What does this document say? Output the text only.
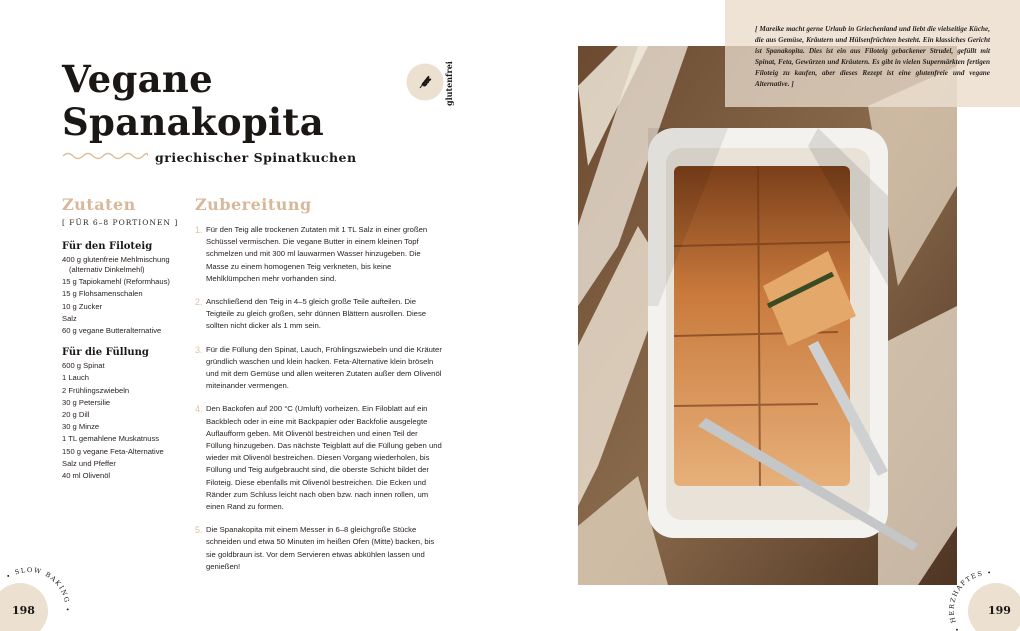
Vegane
Spanakopita
griechischer Spinatkuchen
glutenfrei
Zutaten
[ FÜR 6–8 PORTIONEN ]
Für den Filoteig
400 g glutenfreie Mehlmischung
(alternativ Dinkelmehl)
15 g Tapiokamehl (Reformhaus)
15 g Flohsamenschalen
10 g Zucker
Salz
60 g vegane Butteralternative
Für die Füllung
600 g Spinat
1 Lauch
2 Frühlingszwiebeln
30 g Petersilie
20 g Dill
30 g Minze
1 TL gemahlene Muskatnuss
150 g vegane Feta-Alternative
Salz und Pfeffer
40 ml Olivenöl
Zubereitung
1. Für den Teig alle trockenen Zutaten mit 1 TL Salz in einer großen Schüssel vermischen. Die vegane Butter in einem kleinen Topf schmelzen und mit 300 ml lauwarmen Wasser hinzugeben. Die Masse zu einem homogenen Teig verkneten, bis keine Mehlklümpchen mehr vorhanden sind.

2. Anschließend den Teig in 4–5 gleich große Teile aufteilen. Die Teigteile zu gleich großen, sehr dünnen Blättern ausrollen. Diese sollten nicht dicker als 1 mm sein.

3. Für die Füllung den Spinat, Lauch, Frühlingszwiebeln und die Kräuter gründlich waschen und klein hacken. Feta-Alternative klein bröseln und mit dem Gemüse und allen weiteren Zutaten außer dem Olivenöl miteinander vermengen.

4. Den Backofen auf 200 °C (Umluft) vorheizen. Ein Filoblatt auf ein Backblech oder in eine mit Backpapier oder Backfolie ausgelegte Auflaufform geben. Mit Olivenöl bestreichen und einen Teil der Füllung hinzugeben. Das nächste Teigblatt auf die Füllung geben und wieder mit Olivenöl bestreichen. Diesen Vorgang wiederholen, bis Füllung und Teig aufgebraucht sind, die oberste Schicht bildet der Filoteig. Diese ebenfalls mit Olivenöl bestreichen. Die Ecken und Ränder zum Schluss leicht nach oben bzw. nach innen rollen, um einen Rand zu formen.

5. Die Spanakopita mit einem Messer in 6–8 gleichgroße Stücke schneiden und etwa 50 Minuten im heißen Ofen (Mitte) backen, bis sie goldbraun ist. Vor dem Servieren etwas abkühlen lassen und genießen!

• SLOW BAKING •
198

[ Mareike macht gerne Urlaub in Griechenland und liebt die vielseitige Küche, die aus Gemüse, Kräutern und Hülsenfrüchten besteht. Ein klassiches Gericht ist Spanakopita. Dies ist ein aus Filoteig gebackener Strudel, gefüllt mit Spinat, Feta, Gewürzen und Kräutern. Es gibt in vielen Supermärkten fertigen Filoteig zu kaufen, aber dieses Rezept ist eine glutenfreie und vegane Alternative. ]

• HERZHAFTES •
199
